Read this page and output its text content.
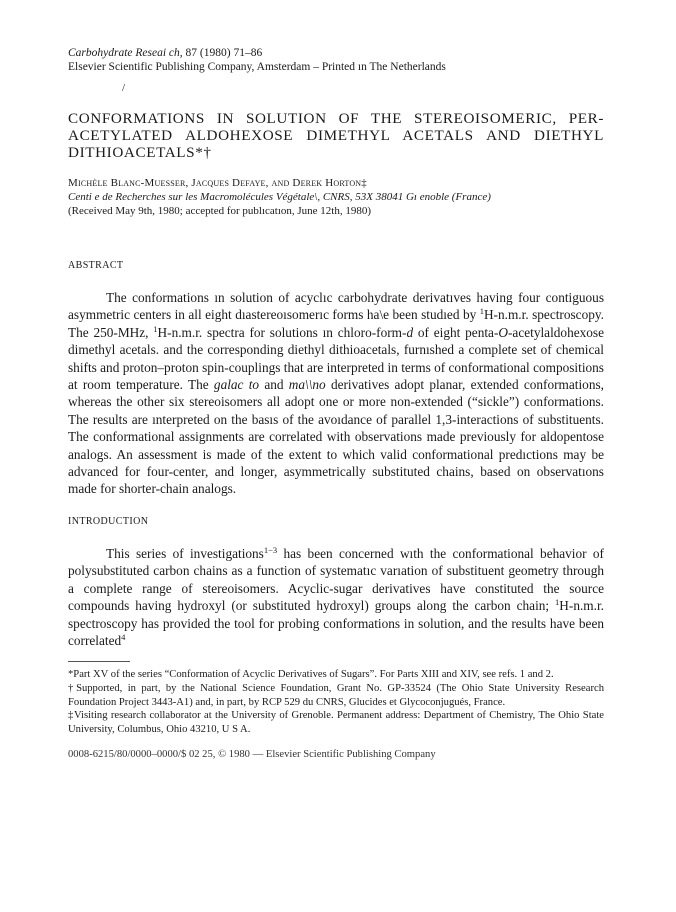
Carbohydrate Reseai ch, 87 (1980) 71–86
Elsevier Scientific Publishing Company, Amsterdam – Printed ın The Netherlands
/
CONFORMATIONS IN SOLUTION OF THE STEREOISOMERIC, PER-ACETYLATED ALDOHEXOSE DIMETHYL ACETALS AND DIETHYL DITHIOACETALS*†
Michèle Blanc-Muesser, Jacques Defaye, and Derek Horton‡
Centi e de Recherches sur les Macromolécules Végétale\, CNRS, 53X 38041 Gı enoble (France)
(Received May 9th, 1980; accepted for publıcatıon, June 12th, 1980)
ABSTRACT
The conformations ın solution of acyclıc carbohydrate derivatıves having four contiguous asymmetric centers in all eight dıastereoısomerıc forms ha\e been studıed by $^1$H-n.m.r. spectroscopy. The 250-MHz, $^1$H-n.m.r. spectra for solutions ın chloro-form-d of eight penta-O-acetylaldohexose dimethyl acetals. and the corresponding diethyl dithioacetals, furnıshed a complete set of chemical shifts and proton–proton spin-couplings that are interpreted in terms of conformational compositions at room temperature. The galac to and ma\\no derivatives adopt planar, extended conformations, whereas the other six stereoisomers all adopt one or more non-extended (“sickle”) conformations. The results are ınterpreted on the basıs of the avoıdance of parallel 1,3-interactions of substituents. The conformational assignments are correlated with observations made previously for aldopentose analogs. An assessment is made of the extent to which valid conformational predıctions may be advanced for four-center, and longer, asymmetrically substituted chains, based on observatıons made for shorter-chain analogs.
INTRODUCTION
This series of investigations$^{1-3}$ has been concerned wıth the conformational behavior of polysubstituted carbon chains as a function of systematıc varıation of substituent geometry through a complete range of stereoisomers. Acyclic-sugar derivatives have constituted the source compounds having hydroxyl (or substituted hydroxyl) groups along the carbon chain; $^1$H-n.m.r. spectroscopy has provided the tool for probing conformations in solution, and the results have been correlated$^4$

*Part XV of the series “Conformation of Acyclic Derivatives of Sugars”. For Parts XIII and XIV, see refs. 1 and 2.

†Supported, in part, by the National Science Foundation, Grant No. GP-33524 (The Ohio State University Research Foundation Project 3443-A1) and, in part, by RCP 529 du CNRS, Glucides et Glycoconjugués, France.

‡Visiting research collaborator at the University of Grenoble. Permanent address: Department of Chemistry, The Ohio State University, Columbus, Ohio 43210, U S A.

0008-6215/80/0000–0000/$ 02 25, © 1980 — Elsevier Scientific Publishing Company
